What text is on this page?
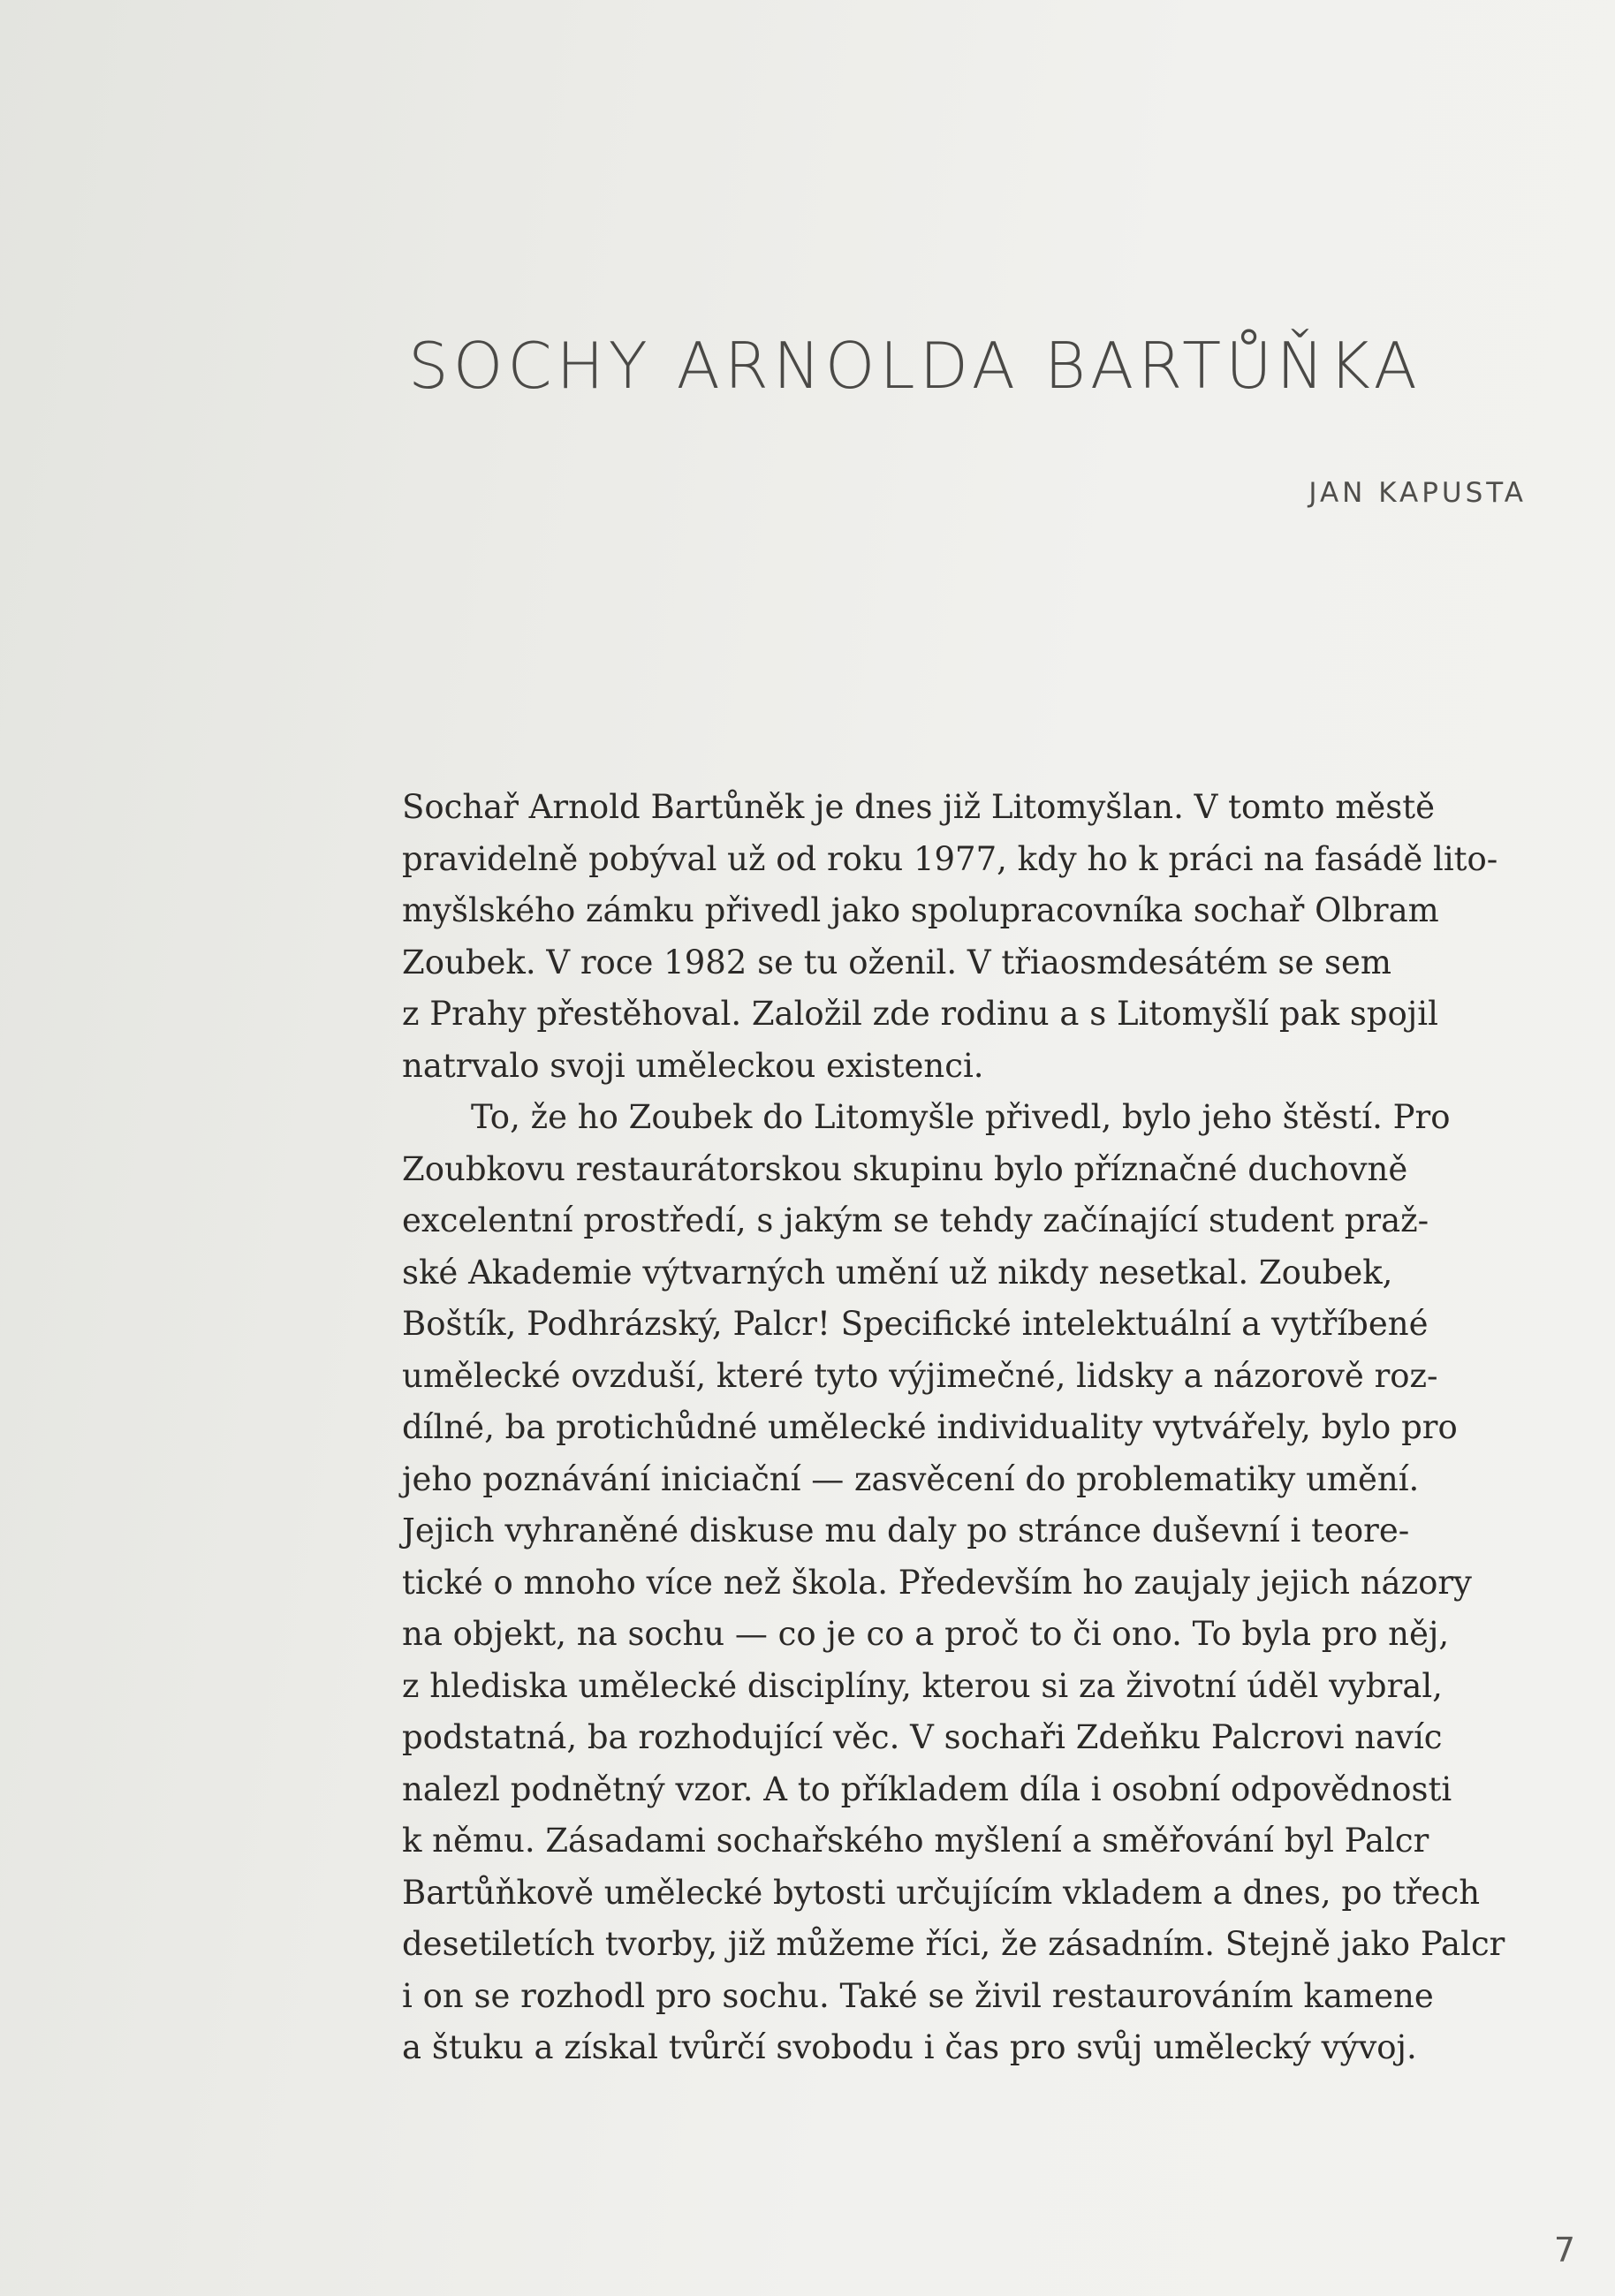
SOCHY ARNOLDA BARTŮŇKA

JAN KAPUSTA

Sochař Arnold Bartůněk je dnes již Litomyšlan. V tomto městě
pravidelně pobýval už od roku 1977, kdy ho k práci na fasádě lito-
myšlského zámku přivedl jako spolupracovníka sochař Olbram
Zoubek. V roce 1982 se tu oženil. V třiaosmdesátém se sem
z Prahy přestěhoval. Založil zde rodinu a s Litomyšlí pak spojil
natrvalo svoji uměleckou existenci.
To, že ho Zoubek do Litomyšle přivedl, bylo jeho štěstí. Pro
Zoubkovu restaurátorskou skupinu bylo příznačné duchovně
excelentní prostředí, s jakým se tehdy začínající student praž-
ské Akademie výtvarných umění už nikdy nesetkal. Zoubek,
Boštík, Podhrázský, Palcr! Specifické intelektuální a vytříbené
umělecké ovzduší, které tyto výjimečné, lidsky a názorově roz-
dílné, ba protichůdné umělecké individuality vytvářely, bylo pro
jeho poznávání iniciační — zasvěcení do problematiky umění.
Jejich vyhraněné diskuse mu daly po stránce duševní i teore-
tické o mnoho více než škola. Především ho zaujaly jejich názory
na objekt, na sochu — co je co a proč to či ono. To byla pro něj,
z hlediska umělecké disciplíny, kterou si za životní úděl vybral,
podstatná, ba rozhodující věc. V sochaři Zdeňku Palcrovi navíc
nalezl podnětný vzor. A to příkladem díla i osobní odpovědnosti
k němu. Zásadami sochařského myšlení a směřování byl Palcr
Bartůňkově umělecké bytosti určujícím vkladem a dnes, po třech
desetiletích tvorby, již můžeme říci, že zásadním. Stejně jako Palcr
i on se rozhodl pro sochu. Také se živil restaurováním kamene
a štuku a získal tvůrčí svobodu i čas pro svůj umělecký vývoj.

7
